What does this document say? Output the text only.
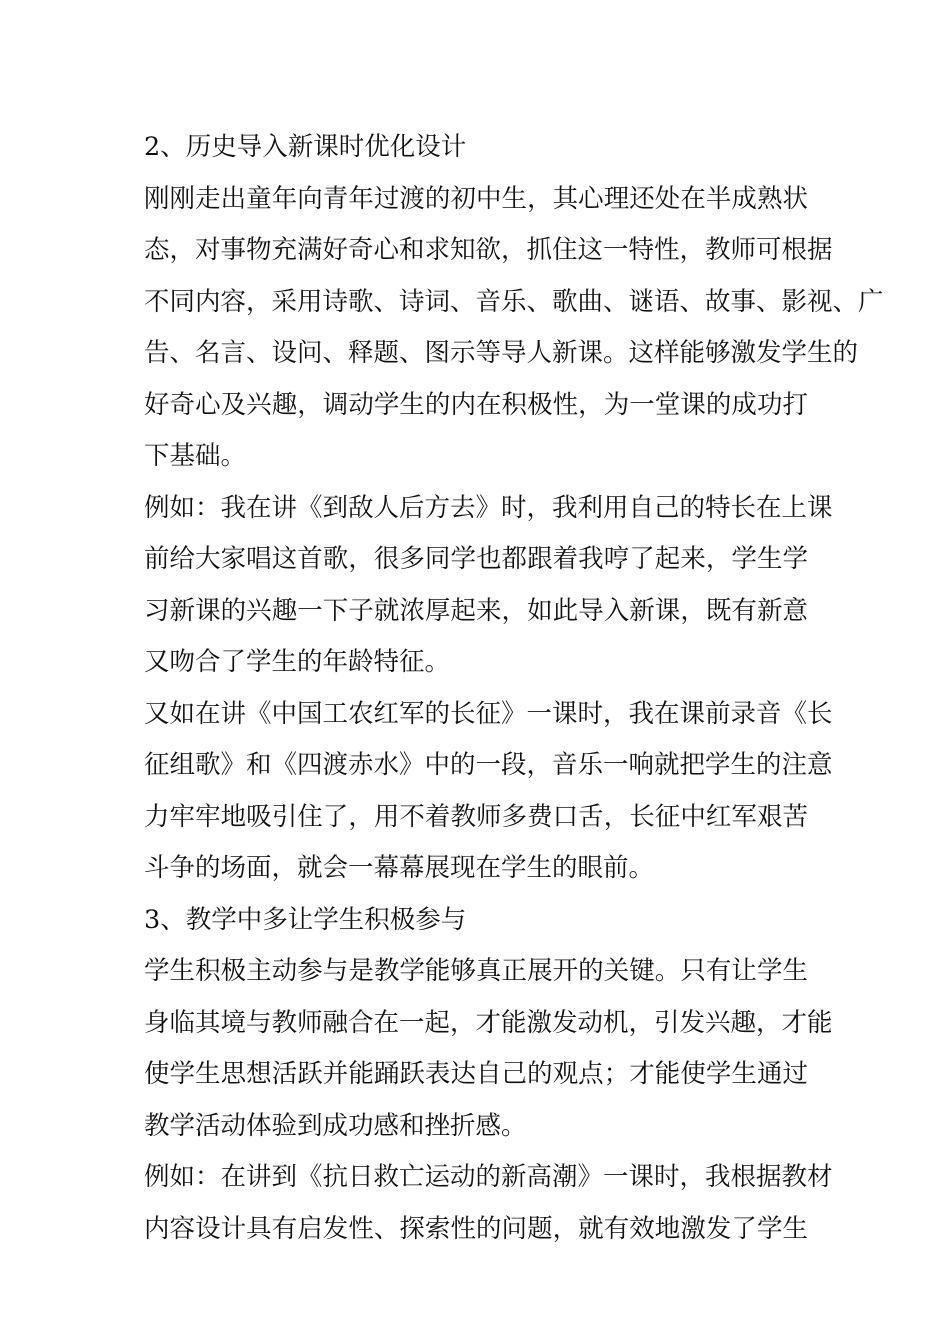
2、历史导入新课时优化设计
刚刚走出童年向青年过渡的初中生，其心理还处在半成熟状
态，对事物充满好奇心和求知欲，抓住这一特性，教师可根据
不同内容，采用诗歌、诗词、音乐、歌曲、谜语、故事、影视、广
告、名言、设问、释题、图示等导人新课。这样能够激发学生的
好奇心及兴趣，调动学生的内在积极性，为一堂课的成功打
下基础。
例如：我在讲《到敌人后方去》时，我利用自己的特长在上课
前给大家唱这首歌，很多同学也都跟着我哼了起来，学生学
习新课的兴趣一下子就浓厚起来，如此导入新课，既有新意
又吻合了学生的年龄特征。
又如在讲《中国工农红军的长征》一课时，我在课前录音《长
征组歌》和《四渡赤水》中的一段，音乐一响就把学生的注意
力牢牢地吸引住了，用不着教师多费口舌，长征中红军艰苦
斗争的场面，就会一幕幕展现在学生的眼前。
3、教学中多让学生积极参与
学生积极主动参与是教学能够真正展开的关键。只有让学生
身临其境与教师融合在一起，才能激发动机，引发兴趣，才能
使学生思想活跃并能踊跃表达自己的观点；才能使学生通过
教学活动体验到成功感和挫折感。
例如：在讲到《抗日救亡运动的新高潮》一课时，我根据教材
内容设计具有启发性、探索性的问题，就有效地激发了学生
